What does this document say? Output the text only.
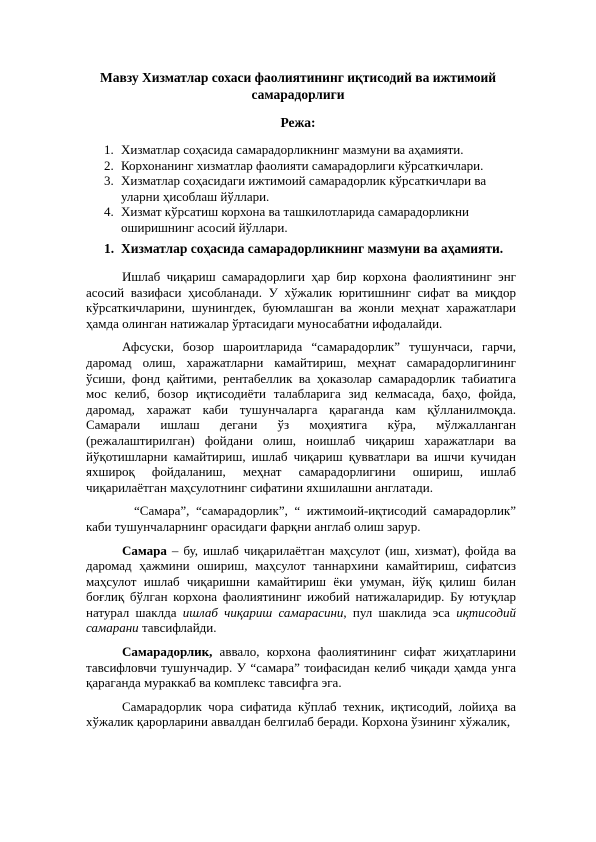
Мавзу Хизматлар сохаси фаолиятининг иқтисодий ва ижтимоий самарадорлиги
Режа:
1. Хизматлар соҳасида самарадорликнинг мазмуни ва аҳамияти.
2. Корхонанинг хизматлар фаолияти самарадорлиги кўрсаткичлари.
3. Хизматлар соҳасидаги ижтимоий самарадорлик кўрсаткичлари ва уларни ҳисоблаш йўллари.
4. Хизмат кўрсатиш корхона ва ташкилотларида самарадорликни оширишнинг асосий йўллари.
1. Хизматлар соҳасида самарадорликнинг мазмуни ва аҳамияти.

Ишлаб чиқариш самарадорлиги ҳар бир корхона фаолиятининг энг асосий вазифаси ҳисобланади. У хўжалик юритишнинг сифат ва миқдор кўрсаткичларини, шунингдек, буюмлашган ва жонли меҳнат харажатлари ҳамда олинган натижалар ўртасидаги муносабатни ифодалайди.

Афсуски, бозор шароитларида “самарадорлик” тушунчаси, гарчи, даромад олиш, харажатларни камайтириш, меҳнат самарадорлигининг ўсиши, фонд қайтими, рентабеллик ва ҳоказолар самарадорлик табиатига мос келиб, бозор иқтисодиёти талабларига зид келмасада, баҳо, фойда, даромад, харажат каби тушунчаларга қараганда кам қўлланилмоқда. Самарали ишлаш дегани ўз моҳиятига кўра, мўлжалланган (режалаштирилган) фойдани олиш, ноишлаб чиқариш харажатлари ва йўқотишларни камайтириш, ишлаб чиқариш қувватлари ва ишчи кучидан яхшироқ фойдаланиш, меҳнат самарадорлигини ошириш, ишлаб чиқарилаётган маҳсулотнинг сифатини яхшилашни англатади.

“Самара”, “самарадорлик”, “ ижтимоий-иқтисодий самарадорлик” каби тушунчаларнинг орасидаги фарқни англаб олиш зарур.

Самара – бу, ишлаб чиқарилаётган маҳсулот (иш, хизмат), фойда ва даромад ҳажмини ошириш, маҳсулот таннархини камайтириш, сифатсиз маҳсулот ишлаб чиқаришни камайтириш ёки умуман, йўқ қилиш билан боғлиқ бўлган корхона фаолиятининг ижобий натижаларидир. Бу ютуқлар натурал шаклда ишлаб чиқариш самарасини, пул шаклида эса иқтисодий самарани тавсифлайди.

Самарадорлик, аввало, корхона фаолиятининг сифат жиҳатларини тавсифловчи тушунчадир. У “самара” тоифасидан келиб чиқади ҳамда унга қараганда мураккаб ва комплекс тавсифга эга.

Самарадорлик чора сифатида кўплаб техник, иқтисодий, лойиҳа ва хўжалик қарорларини аввалдан белгилаб беради. Корхона ўзининг хўжалик,
